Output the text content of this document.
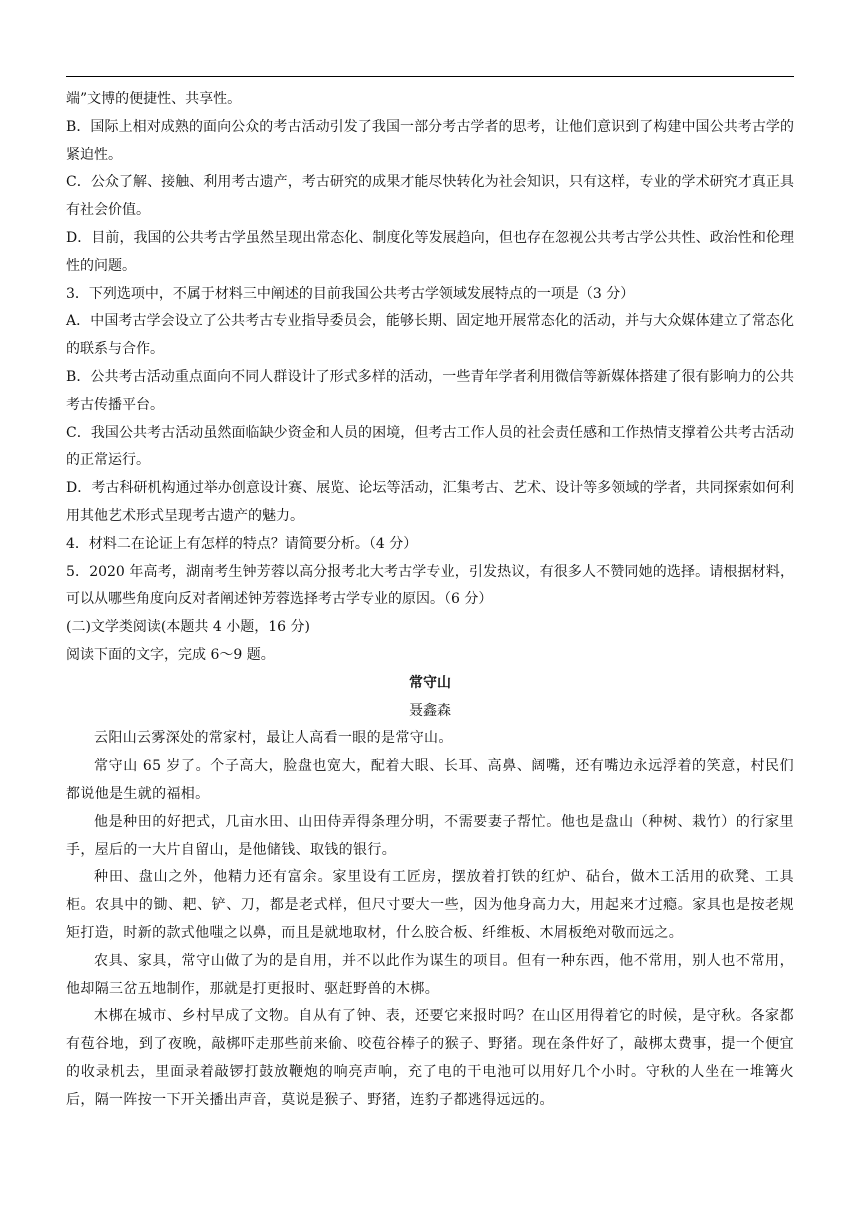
端”文博的便捷性、共享性。

B．国际上相对成熟的面向公众的考古活动引发了我国一部分考古学者的思考，让他们意识到了构建中国公共考古学的紧迫性。

C．公众了解、接触、利用考古遗产，考古研究的成果才能尽快转化为社会知识，只有这样，专业的学术研究才真正具有社会价值。

D．目前，我国的公共考古学虽然呈现出常态化、制度化等发展趋向，但也存在忽视公共考古学公共性、政治性和伦理性的问题。

3．下列选项中，不属于材料三中阐述的目前我国公共考古学领域发展特点的一项是（3 分）

A．中国考古学会设立了公共考古专业指导委员会，能够长期、固定地开展常态化的活动，并与大众媒体建立了常态化的联系与合作。

B．公共考古活动重点面向不同人群设计了形式多样的活动，一些青年学者利用微信等新媒体搭建了很有影响力的公共考古传播平台。

C．我国公共考古活动虽然面临缺少资金和人员的困境，但考古工作人员的社会责任感和工作热情支撑着公共考古活动的正常运行。

D．考古科研机构通过举办创意设计赛、展览、论坛等活动，汇集考古、艺术、设计等多领域的学者，共同探索如何利用其他艺术形式呈现考古遗产的魅力。

4．材料二在论证上有怎样的特点？请简要分析。（4 分）

5．2020 年高考，湖南考生钟芳蓉以高分报考北大考古学专业，引发热议，有很多人不赞同她的选择。请根据材料，可以从哪些角度向反对者阐述钟芳蓉选择考古学专业的原因。（6 分）

(二)文学类阅读(本题共 4 小题，16 分)

阅读下面的文字，完成 6～9 题。

常守山

聂鑫森

云阳山云雾深处的常家村，最让人高看一眼的是常守山。

常守山 65 岁了。个子高大，脸盘也宽大，配着大眼、长耳、高鼻、阔嘴，还有嘴边永远浮着的笑意，村民们都说他是生就的福相。

他是种田的好把式，几亩水田、山田侍弄得条理分明，不需要妻子帮忙。他也是盘山（种树、栽竹）的行家里手，屋后的一大片自留山，是他储钱、取钱的银行。

种田、盘山之外，他精力还有富余。家里设有工匠房，摆放着打铁的红炉、砧台，做木工活用的砍凳、工具柜。农具中的锄、耙、铲、刀，都是老式样，但尺寸要大一些，因为他身高力大，用起来才过瘾。家具也是按老规矩打造，时新的款式他嗤之以鼻，而且是就地取材，什么胶合板、纤维板、木屑板绝对敬而远之。

农具、家具，常守山做了为的是自用，并不以此作为谋生的项目。但有一种东西，他不常用，别人也不常用，他却隔三岔五地制作，那就是打更报时、驱赶野兽的木梆。

木梆在城市、乡村早成了文物。自从有了钟、表，还要它来报时吗？在山区用得着它的时候，是守秋。各家都有苞谷地，到了夜晚，敲梆吓走那些前来偷、咬苞谷棒子的猴子、野猪。现在条件好了，敲梆太费事，提一个便宜的收录机去，里面录着敲锣打鼓放鞭炮的响亮声响，充了电的干电池可以用好几个小时。守秋的人坐在一堆篝火后，隔一阵按一下开关播出声音，莫说是猴子、野猪，连豹子都逃得远远的。
